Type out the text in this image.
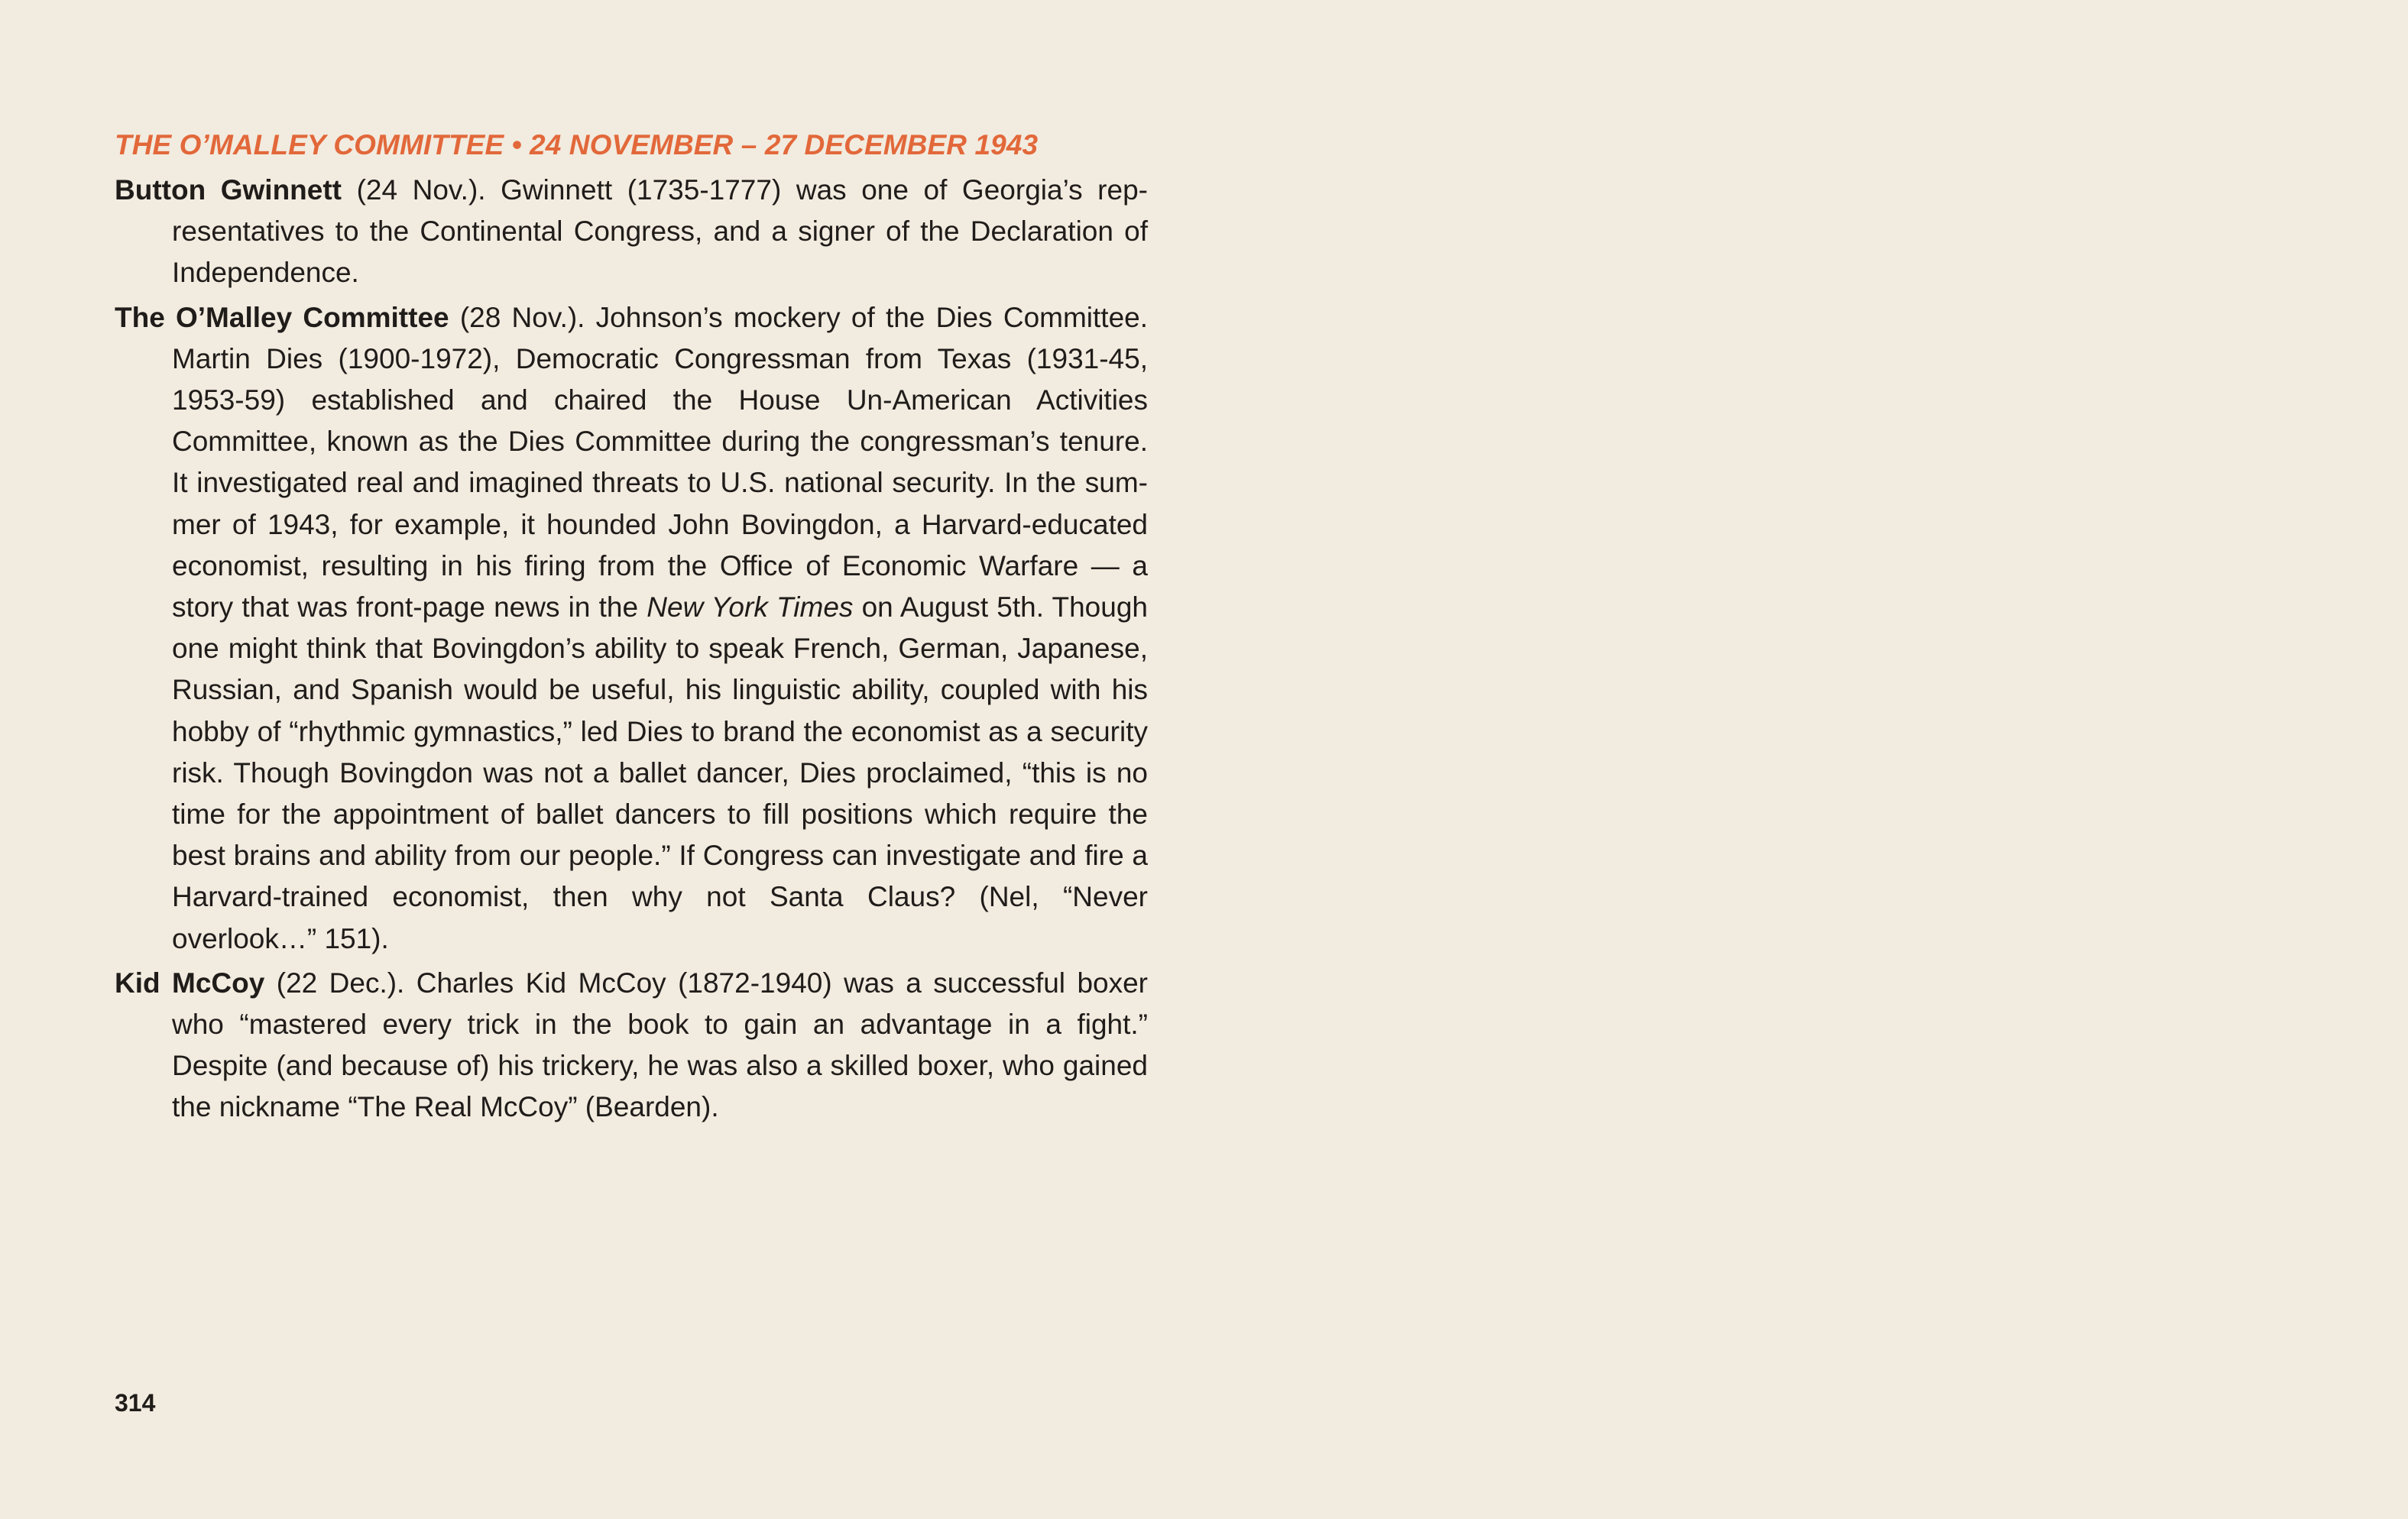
THE O’MALLEY COMMITTEE • 24 NOVEMBER – 27 DECEMBER 1943

Button Gwinnett (24 Nov.). Gwinnett (1735-1777) was one of Georgia’s representatives to the Continental Congress, and a signer of the Declaration of Independence.

The O’Malley Committee (28 Nov.). Johnson’s mockery of the Dies Committee. Martin Dies (1900-1972), Democratic Congressman from Texas (1931-45, 1953-59) established and chaired the House Un-American Activities Committee, known as the Dies Committee during the congressman’s tenure. It investigated real and imagined threats to U.S. national security. In the summer of 1943, for example, it hounded John Bovingdon, a Harvard-educated economist, resulting in his firing from the Office of Economic Warfare — a story that was front-page news in the New York Times on August 5th. Though one might think that Bovingdon’s ability to speak French, German, Japanese, Russian, and Spanish would be useful, his linguistic ability, coupled with his hobby of “rhythmic gymnastics,” led Dies to brand the economist as a security risk. Though Bovingdon was not a ballet dancer, Dies proclaimed, “this is no time for the appointment of ballet dancers to fill positions which require the best brains and ability from our people.” If Congress can investigate and fire a Harvard-trained economist, then why not Santa Claus? (Nel, “Never overlook…” 151).

Kid McCoy (22 Dec.). Charles Kid McCoy (1872-1940) was a successful boxer who “mastered every trick in the book to gain an advantage in a fight.” Despite (and because of) his trickery, he was also a skilled boxer, who gained the nickname “The Real McCoy” (Bearden).

314
